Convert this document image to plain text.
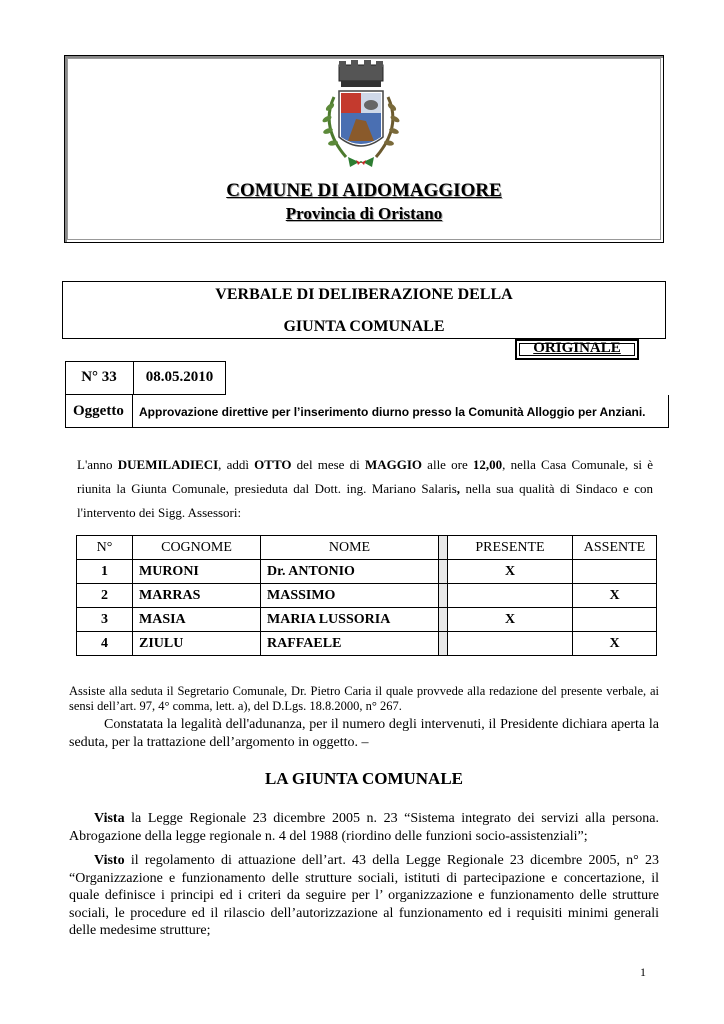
COMUNE DI AIDOMAGGIORE
Provincia di Oristano
VERBALE DI DELIBERAZIONE DELLA
GIUNTA COMUNALE
ORIGINALE
N° 33	08.05.2010
Oggetto Approvazione direttive per l’inserimento diurno presso la Comunità Alloggio per Anziani.
L'anno DUEMILADIECI, addì OTTO del mese di MAGGIO alle ore 12,00, nella Casa Comunale, si è riunita la Giunta Comunale, presieduta dal Dott. ing. Mariano Salaris, nella sua qualità di Sindaco e con l'intervento dei Sigg. Assessori:
N°	COGNOME	NOME		PRESENTE	ASSENTE
1	MURONI	Dr. ANTONIO		X	
2	MARRAS	MASSIMO			X
3	MASIA	MARIA LUSSORIA		X	
4	ZIULU	RAFFAELE			X
Assiste alla seduta il Segretario Comunale, Dr. Pietro Caria il quale provvede alla redazione del presente verbale, ai sensi dell’art. 97, 4° comma, lett. a), del D.Lgs. 18.8.2000, n° 267.
Constatata la legalità dell'adunanza, per il numero degli intervenuti, il Presidente dichiara aperta la seduta, per la trattazione dell’argomento in oggetto. –
LA GIUNTA COMUNALE
Vista la Legge Regionale 23 dicembre 2005 n. 23 “Sistema integrato dei servizi alla persona. Abrogazione della legge regionale n. 4 del 1988 (riordino delle funzioni socio-assistenziali”;
Visto il regolamento di attuazione dell’art. 43 della Legge Regionale 23 dicembre 2005, n° 23 “Organizzazione e funzionamento delle strutture sociali, istituti di partecipazione e concertazione, il quale definisce i principi ed i criteri da seguire per l’ organizzazione e funzionamento delle strutture sociali, le procedure ed il rilascio dell’autorizzazione al funzionamento ed i requisiti minimi generali delle medesime strutture;
1
